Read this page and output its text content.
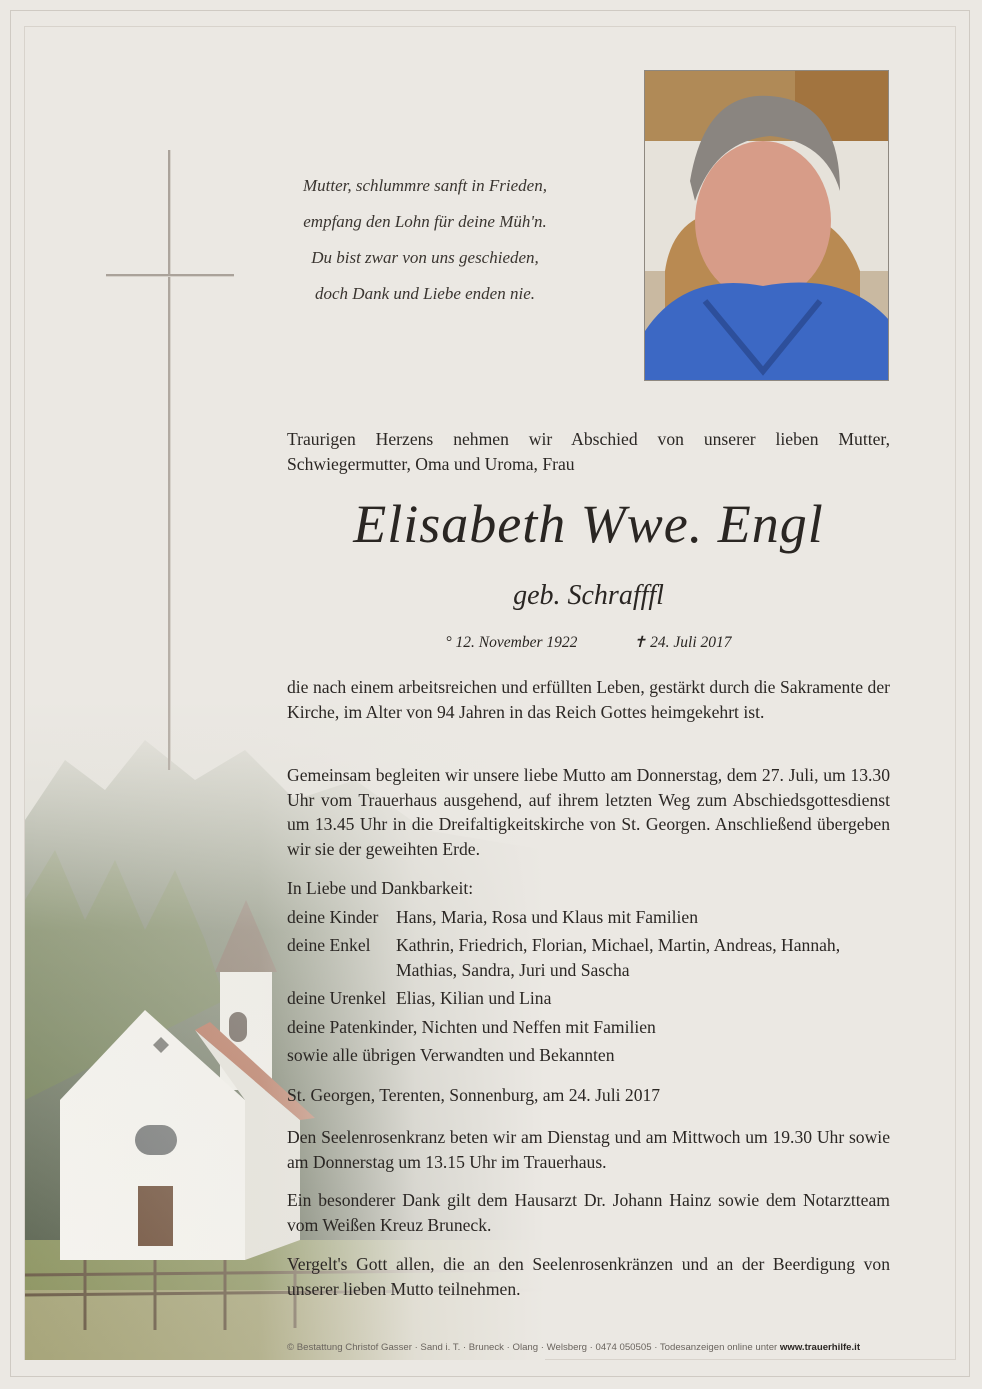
Mutter, schlummre sanft in Frieden,
empfang den Lohn für deine Müh'n.
Du bist zwar von uns geschieden,
doch Dank und Liebe enden nie.

Traurigen Herzens nehmen wir Abschied von unserer lieben Mutter, Schwiegermutter, Oma und Uroma, Frau

Elisabeth Wwe. Engl
geb. Schrafffl
° 12. November 1922	✝ 24. Juli 2017

die nach einem arbeitsreichen und erfüllten Leben, gestärkt durch die Sakramente der Kirche, im Alter von 94 Jahren in das Reich Gottes heimgekehrt ist.

Gemeinsam begleiten wir unsere liebe Mutto am Donnerstag, dem 27. Juli, um 13.30 Uhr vom Trauerhaus ausgehend, auf ihrem letzten Weg zum Abschiedsgottesdienst um 13.45 Uhr in die Dreifaltigkeitskirche von St. Georgen. Anschließend übergeben wir sie der geweihten Erde.

In Liebe und Dankbarkeit:

deine Kinder	Hans, Maria, Rosa und Klaus mit Familien
deine Enkel	Kathrin, Friedrich, Florian, Michael, Martin, Andreas, Hannah, Mathias, Sandra, Juri und Sascha
deine Urenkel Elias, Kilian und Lina

deine Patenkinder, Nichten und Neffen mit Familien

sowie alle übrigen Verwandten und Bekannten

St. Georgen, Terenten, Sonnenburg, am 24. Juli 2017

Den Seelenrosenkranz beten wir am Dienstag und am Mittwoch um 19.30 Uhr sowie am Donnerstag um 13.15 Uhr im Trauerhaus.

Ein besonderer Dank gilt dem Hausarzt Dr. Johann Hainz sowie dem Notarztteam vom Weißen Kreuz Bruneck.

Vergelt's Gott allen, die an den Seelenrosenkränzen und an der Beerdigung von unserer lieben Mutto teilnehmen.

© Bestattung Christof Gasser · Sand i. T. · Bruneck · Olang · Welsberg · 0474 050505 · Todesanzeigen online unter www.trauerhilfe.it
